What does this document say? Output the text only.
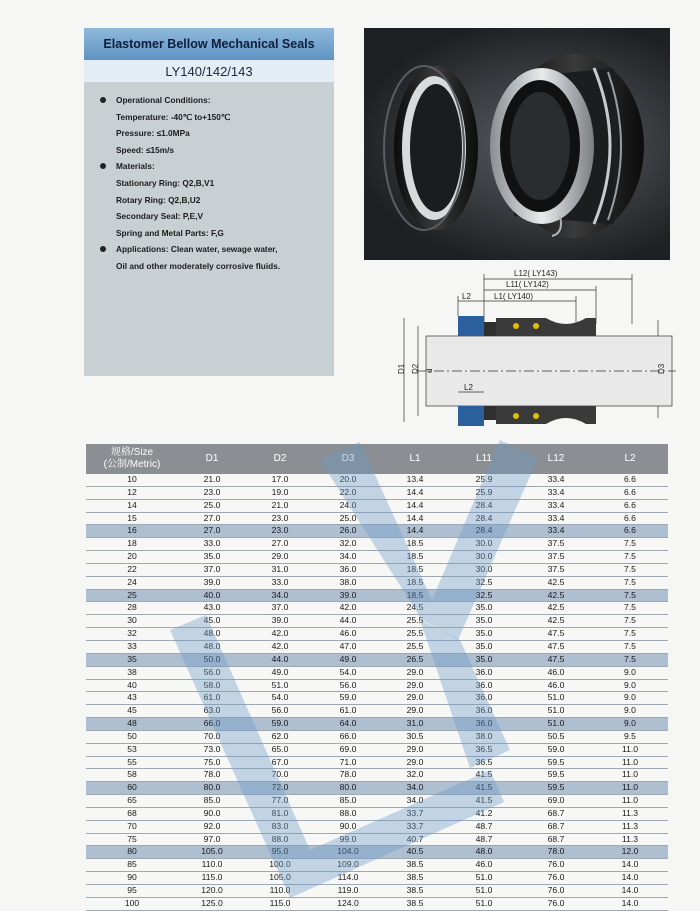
Elastomer Bellow Mechanical Seals
LY140/142/143
Operational Conditions:
Temperature: -40℃ to+150℃
Pressure: ≤1.0MPa
Speed: ≤15m/s
Materials:
Stationary Ring: Q2,B,V1
Rotary Ring: Q2,B,U2
Secondary Seal: P,E,V
Spring and Metal Parts: F,G
Applications: Clean water, sewage water,
Oil and other moderately corrosive fluids.
L12( LY143)
L11( LY142)
L1( LY140)
L2
L2
D1 D2 d	D3
规格/Size
(公制/Metric)	D1	D2	D3	L1	L11	L12	L2

10	21.0	17.0	20.0	13.4	25.9	33.4	6.6
12	23.0	19.0	22.0	14.4	25.9	33.4	6.6
14	25.0	21.0	24.0	14.4	28.4	33.4	6.6
15	27.0	23.0	25.0	14.4	28.4	33.4	6.6
16	27.0	23.0	26.0	14.4	28.4	33.4	6.6
18	33.0	27.0	32.0	18.5	30.0	37.5	7.5
20	35.0	29.0	34.0	18.5	30.0	37.5	7.5
22	37.0	31.0	36.0	18.5	30.0	37.5	7.5
24	39.0	33.0	38.0	18.5	32.5	42.5	7.5
25	40.0	34.0	39.0	18.5	32.5	42.5	7.5
28	43.0	37.0	42.0	24.5	35.0	42.5	7.5
30	45.0	39.0	44.0	25.5	35.0	42.5	7.5
32	48.0	42.0	46.0	25.5	35.0	47.5	7.5
33	48.0	42.0	47.0	25.5	35.0	47.5	7.5
35	50.0	44.0	49.0	26.5	35.0	47.5	7.5
38	56.0	49.0	54.0	29.0	36.0	46.0	9.0
40	58.0	51.0	56.0	29.0	36.0	46.0	9.0
43	61.0	54.0	59.0	29.0	36.0	51.0	9.0
45	63.0	56.0	61.0	29.0	36.0	51.0	9.0
48	66.0	59.0	64.0	31.0	36.0	51.0	9.0
50	70.0	62.0	66.0	30.5	38.0	50.5	9.5
53	73.0	65.0	69.0	29.0	36.5	59.0	11.0
55	75.0	67.0	71.0	29.0	36.5	59.5	11.0
58	78.0	70.0	78.0	32.0	41.5	59.5	11.0
60	80.0	72.0	80.0	34.0	41.5	59.5	11.0
65	85.0	77.0	85.0	34.0	41.5	69.0	11.0
68	90.0	81.0	88.0	33.7	41.2	68.7	11.3
70	92.0	83.0	90.0	33.7	48.7	68.7	11.3
75	97.0	88.0	99.0	40.7	48.7	68.7	11.3
80	105.0	95.0	104.0	40.5	48.0	78.0	12.0
85	110.0	100.0	109.0	38.5	46.0	76.0	14.0
90	115.0	105.0	114.0	38.5	51.0	76.0	14.0
95	120.0	110.0	119.0	38.5	51.0	76.0	14.0
100	125.0	115.0	124.0	38.5	51.0	76.0	14.0
